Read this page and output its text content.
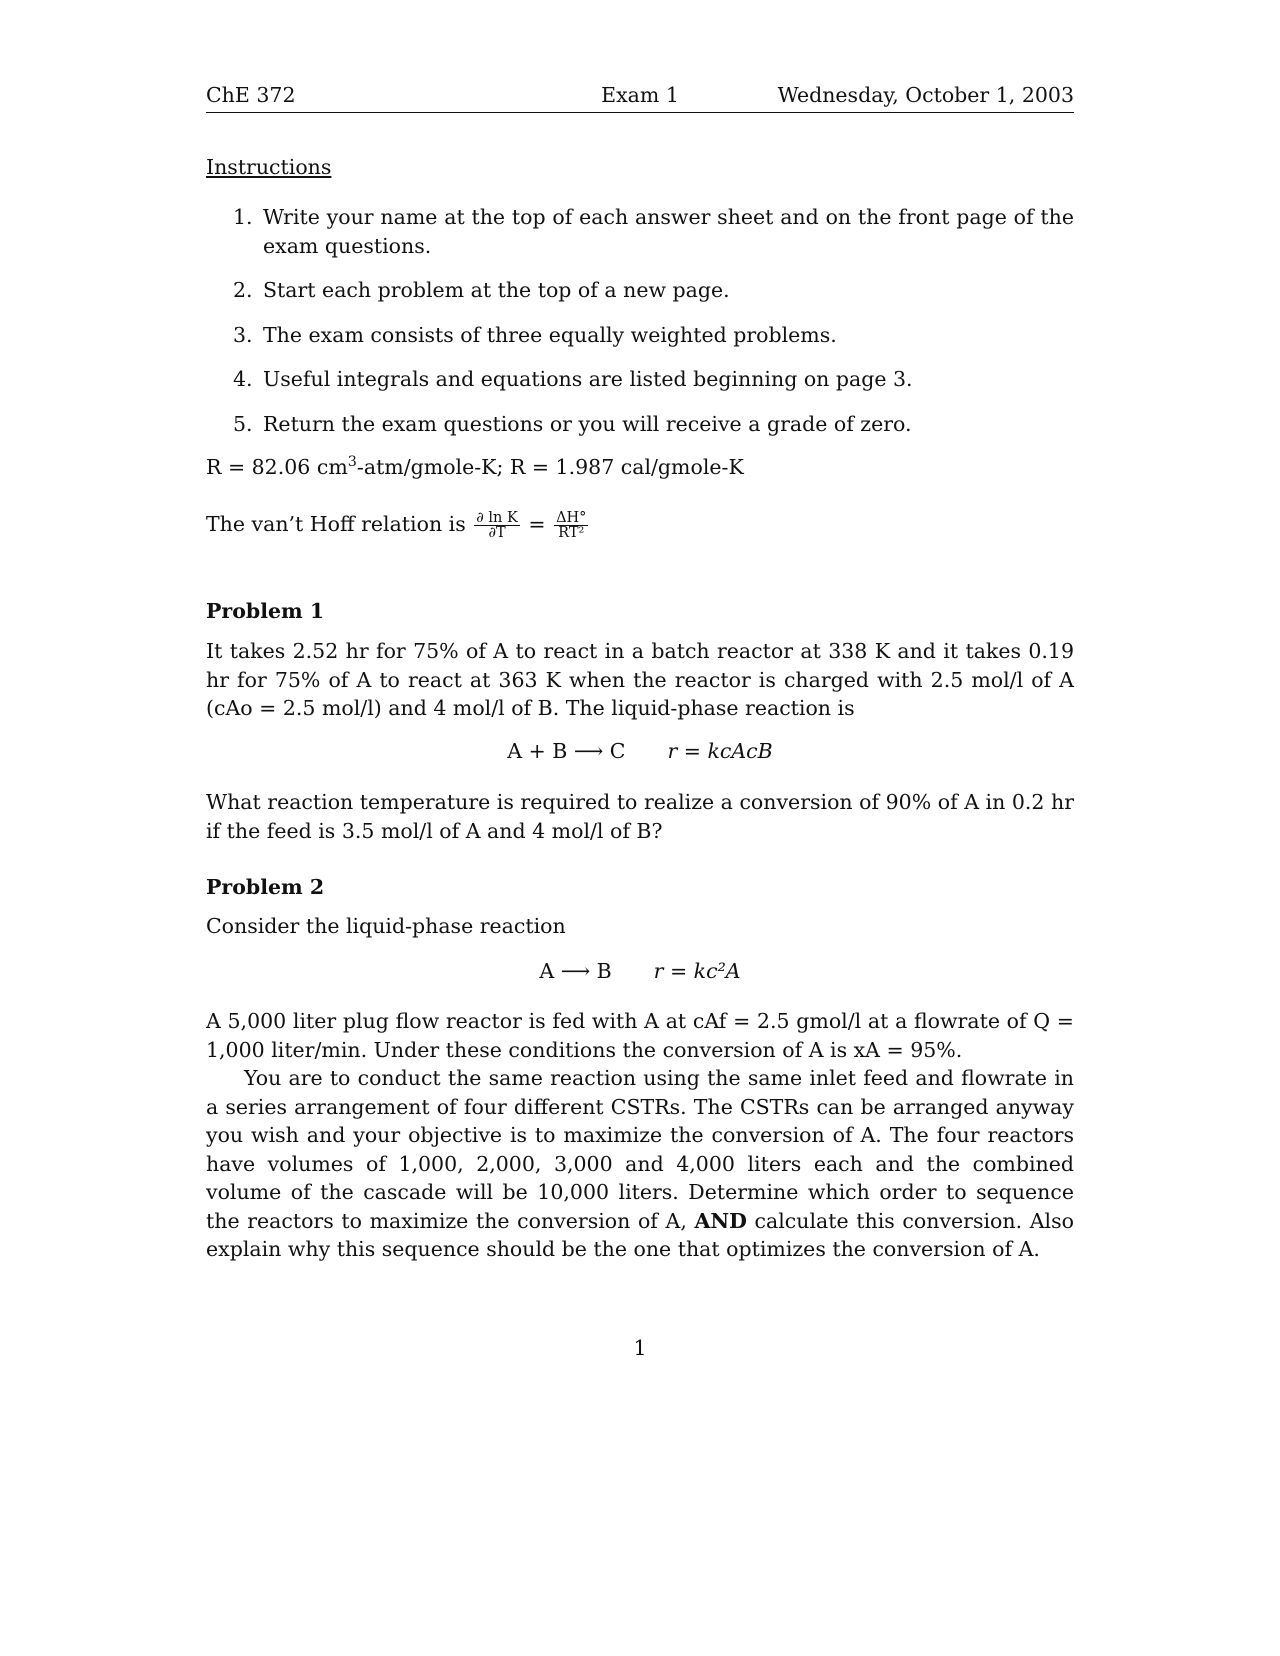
ChE 372	Exam 1	Wednesday, October 1, 2003
Instructions
1. Write your name at the top of each answer sheet and on the front page of the exam questions.
2. Start each problem at the top of a new page.
3. The exam consists of three equally weighted problems.
4. Useful integrals and equations are listed beginning on page 3.
5. Return the exam questions or you will receive a grade of zero.
R = 82.06 $cm^3-atm/gmole-K$; R = 1.987 cal/gmole-K
The van’t Hoff relation is $\frac{\text{∂ ln K}}{\partial T} = \frac{\Delta H^\circ}{\text{RT²}}$
Problem 1
It takes 2.52 hr for 75% of A to react in a batch reactor at 338 K and it takes 0.19 hr for 75% of A to react at 363 K when the reactor is charged with 2.5 mol/l of A (cAo = 2.5 mol/l) and 4 mol/l of B. The liquid-phase reaction is
A + B ⟶ C r = kcAcB
What reaction temperature is required to realize a conversion of 90% of A in 0.2 hr if the feed is 3.5 mol/l of A and 4 mol/l of B?
Problem 2
Consider the liquid-phase reaction
A ⟶ B r = kc²A
A 5,000 liter plug flow reactor is fed with A at cAf = 2.5 gmol/l at a flowrate of Q = 1,000 liter/min. Under these conditions the conversion of A is xA = 95%.
You are to conduct the same reaction using the same inlet feed and flowrate in a series arrangement of four different CSTRs. The CSTRs can be arranged anyway you wish and your objective is to maximize the conversion of A. The four reactors have volumes of 1,000, 2,000, 3,000 and 4,000 liters each and the combined volume of the cascade will be 10,000 liters. Determine which order to sequence the reactors to maximize the conversion of A, AND calculate this conversion. Also explain why this sequence should be the one that optimizes the conversion of A.
1
